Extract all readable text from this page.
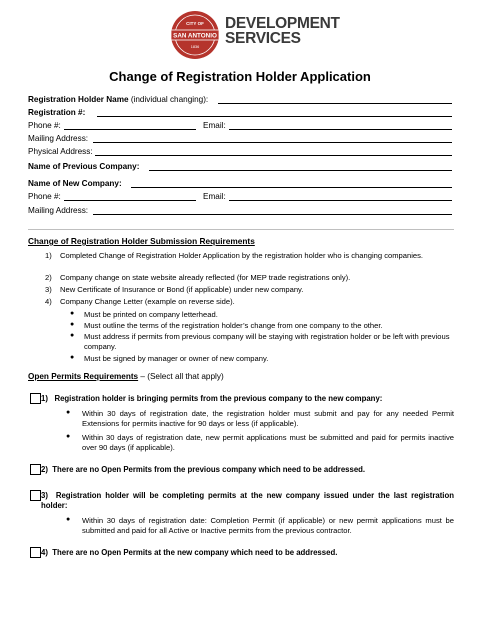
CITY OF
SAN ANTONIO
1836
DEVELOPMENT
SERVICES
Change of Registration Holder Application
Registration Holder Name (individual changing):
Registration #:
Phone #:	Email:
Mailing Address:
Physical Address:
Name of Previous Company:
Name of New Company:
Phone #:	Email:
Mailing Address:
Change of Registration Holder Submission Requirements
1) Completed Change of Registration Holder Application by the registration holder who is changing companies.
2) Company change on state website already reflected (for MEP trade registrations only).
3) New Certificate of Insurance or Bond (if applicable) under new company.
4) Company Change Letter (example on reverse side).
● Must be printed on company letterhead.
● Must outline the terms of the registration holder’s change from one company to the other.
● Must address if permits from previous company will be staying with registration holder or be left with previous company.
● Must be signed by manager or owner of new company.
Open Permits Requirements – (Select all that apply)
1) Registration holder is bringing permits from the previous company to the new company:
● Within 30 days of registration date, the registration holder must submit and pay for any needed Permit Extensions for permits inactive for 90 days or less (if applicable).
● Within 30 days of registration date, new permit applications must be submitted and paid for permits inactive over 90 days (if applicable).
2) There are no Open Permits from the previous company which need to be addressed.
3) Registration holder will be completing permits at the new company issued under the last registration holder:
● Within 30 days of registration date: Completion Permit (if applicable) or new permit applications must be submitted and paid for all Active or Inactive permits from the previous contractor.
4) There are no Open Permits at the new company which need to be addressed.
